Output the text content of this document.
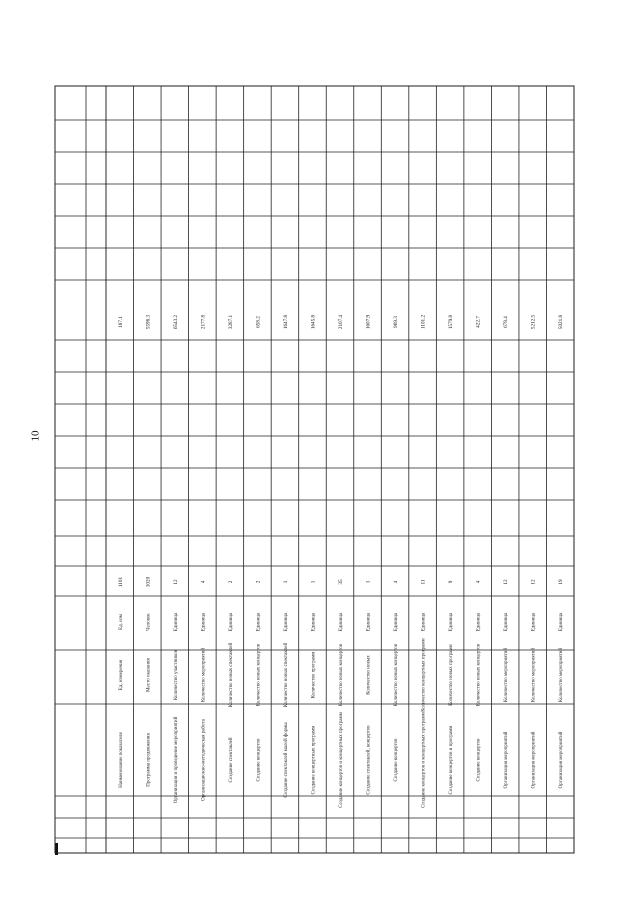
10
Наименование показателя
Ед. измерения
Ед. изм
1101
187.1
Программа продвижения
Место оказания
Человек
1020
5598.3
Организация и проведение мероприятий
Количество участников
Единица
12
6543.2
Организационно-методическая работа
Количество мероприятий
Единица
4
2177.8
Создание спектаклей
Количество новых спектаклей
Единица
2
3287.1
Создание концертов
Количество новых концертов
Единица
2
658.2
Создание спектаклей малой формы
Количество новых спектаклей
Единица
1
1647.8
Создание концертных программ
Количество программ
Единица
1
1645.8
Создание концертов и концертных программ
Количество новых концертов
Единица
35
2107.4
Создание спектаклей, концертов
Количество новых
Единица
1
1607.9
Создание концертов
Количество новых концертов
Единица
4
969.3
Создание концертов и концертных программ
Количество концертных программ
Единица
11
1101.2
Создание концертов и программ
Количество новых программ
Единица
9
1579.8
Создание концертов
Количество новых концертов
Единица
4
422.7
Организация мероприятий
Количество мероприятий
Единица
12
678.4
Организация мероприятий
Количество мероприятий
Единица
12
5212.5
Организация мероприятий
Количество мероприятий
Единица
19
5021.8
